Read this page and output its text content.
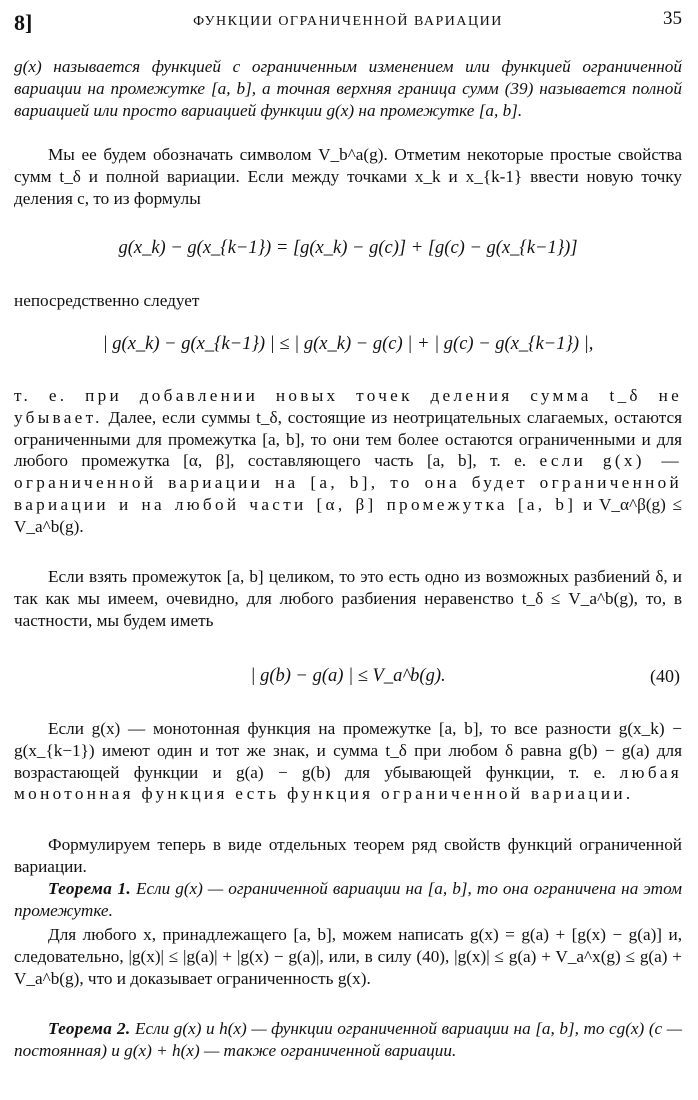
8]	ФУНКЦИИ ОГРАНИЧЕННОЙ ВАРИАЦИИ	35
g(x) называется функцией с ограниченным изменением или функцией ограниченной вариации на промежутке [a, b], а точная верхняя граница сумм (39) называется полной вариацией или просто вариацией функции g(x) на промежутке [a, b].
Мы ее будем обозначать символом V_b^a(g). Отметим некоторые простые свойства сумм t_δ и полной вариации. Если между точками x_k и x_{k-1} ввести новую точку деления c, то из формулы
g(x_k) − g(x_{k−1}) = [g(x_k) − g(c)] + [g(c) − g(x_{k−1})]
непосредственно следует
| g(x_k) − g(x_{k−1}) | ≤ | g(x_k) − g(c) | + | g(c) − g(x_{k−1}) |,
т. е. при добавлении новых точек деления сумма t_δ не убывает. Далее, если суммы t_δ, состоящие из неотрицательных слагаемых, остаются ограниченными для промежутка [a, b], то они тем более остаются ограниченными и для любого промежутка [α, β], составляющего часть [a, b], т. е. если g(x) — ограниченной вариации на [a, b], то она будет ограниченной вариации и на любой части [α, β] промежутка [a, b] и V_α^β(g) ≤ V_a^b(g).
Если взять промежуток [a, b] целиком, то это есть одно из возможных разбиений δ, и так как мы имеем, очевидно, для любого разбиения неравенство t_δ ≤ V_a^b(g), то, в частности, мы будем иметь
| g(b) − g(a) | ≤ V_a^b(g).	(40)
Если g(x) — монотонная функция на промежутке [a, b], то все разности g(x_k) − g(x_{k−1}) имеют один и тот же знак, и сумма t_δ при любом δ равна g(b) − g(a) для возрастающей функции и g(a) − g(b) для убывающей функции, т. е. любая монотонная функция есть функция ограниченной вариации.
Формулируем теперь в виде отдельных теорем ряд свойств функций ограниченной вариации.
Теорема 1. Если g(x) — ограниченной вариации на [a, b], то она ограничена на этом промежутке.
Для любого x, принадлежащего [a, b], можем написать g(x) = g(a) + [g(x) − g(a)] и, следовательно, |g(x)| ≤ |g(a)| + |g(x) − g(a)|, или, в силу (40), |g(x)| ≤ g(a) + V_a^x(g) ≤ g(a) + V_a^b(g), что и доказывает ограниченность g(x).
Теорема 2. Если g(x) и h(x) — функции ограниченной вариации на [a, b], то cg(x) (c — постоянная) и g(x) + h(x) — также ограниченной вариации.
